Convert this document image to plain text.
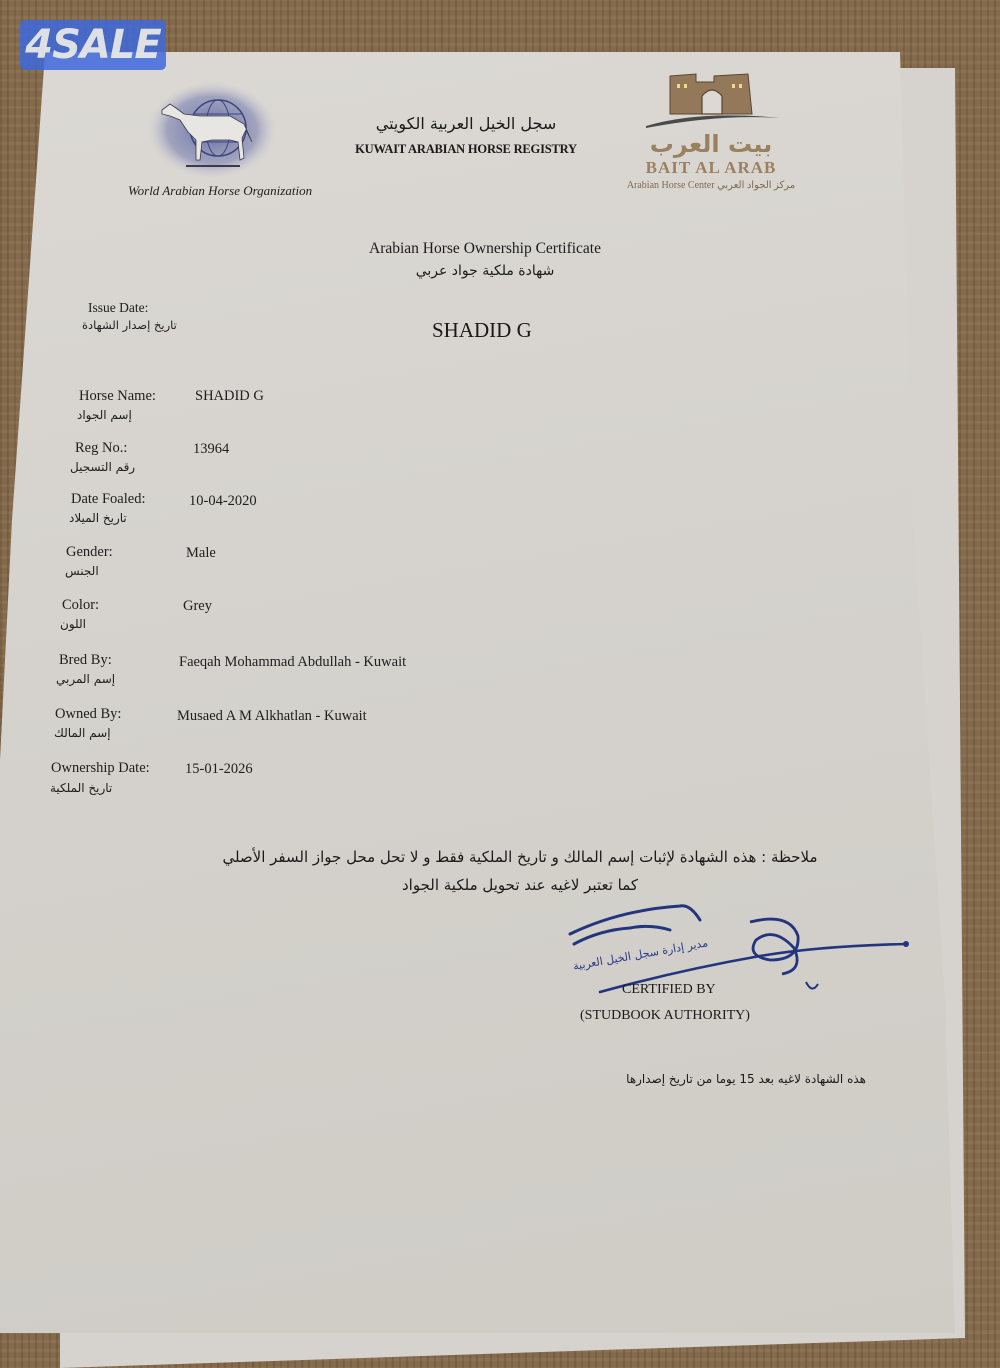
World Arabian Horse Organization
سجل الخيل العربية الكويتي
KUWAIT ARABIAN HORSE REGISTRY	بيت العرب
BAIT AL ARAB
Arabian Horse Center مركز الجواد العربي
Arabian Horse Ownership Certificate
شهادة ملكية جواد عربي
Issue Date:
تاريخ إصدار الشهادة	SHADID G
Horse Name:
إسم الجواد
SHADID G
Reg No.:
رقم التسجيل
13964
Date Foaled:
تاريخ الميلاد
10-04-2020
Gender:
الجنس
Male
Color:
اللون
Grey
Bred By:
إسم المربي
Faeqah Mohammad Abdullah - Kuwait
Owned By:
إسم المالك
Musaed A M Alkhatlan - Kuwait
Ownership Date:
تاريخ الملكية
15-01-2026
ملاحظة : هذه الشهادة لإثبات إسم المالك و تاريخ الملكية فقط و لا تحل محل جواز السفر الأصلي
كما تعتبر لاغيه عند تحويل ملكية الجواد
مدير إدارة سجل الخيل العربية
CERTIFIED BY
(STUDBOOK AUTHORITY)
هذه الشهادة لاغيه بعد 15 يوما من تاريخ إصدارها
4SALE
